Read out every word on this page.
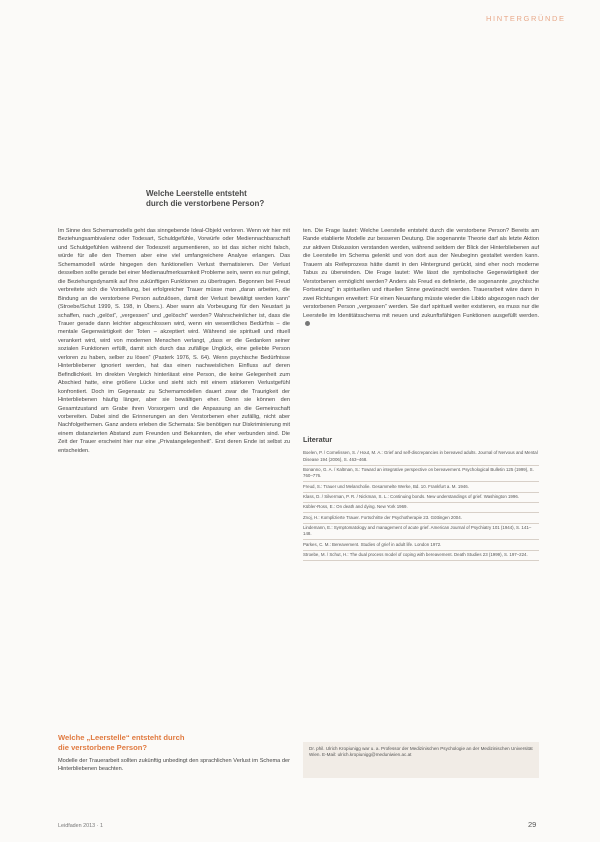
HINTERGRÜNDE
Welche Leerstelle entsteht
durch die verstorbene Person?

Im Sinne des Schemamodells geht das sinngebende Ideal-Objekt verloren. Wenn wir hier mit Beziehungsambivalenz oder Todesart, Schuldgefühle, Vorwürfe oder Mediennachbarschaft und Schuldgefühlen während der Todeszeit argumentieren, so ist das sicher nicht falsch, würde für alle den Themen aber eine viel umfangreichere Analyse erlangen. Das Schemamodell würde hingegen den funktionellen Verlust thematisieren. Der Verlust desselben sollte gerade bei einer Medienaufmerksamkeit Probleme sein, wenn es nur gelingt, die Beziehungsdynamik auf ihre zukünftigen Funktionen zu übertragen. Begonnen bei Freud verbreitete sich die Vorstellung, bei erfolgreicher Trauer müsse man „daran arbeiten, die Bindung an die verstorbene Person aufzulösen, damit der Verlust bewältigt werden kann“ (Stroebe/Schut 1999, S. 198, in Übers.). Aber wann als Vorbeugung für den Neustart ja schaffen, nach „gelöst“, „vergessen“ und „gelöscht“ werden? Wahrscheinlicher ist, dass die Trauer gerade dann leichter abgeschlossen wird, wenn ein wesentliches Bedürfnis – die mentale Gegenwärtigkeit der Toten – akzeptiert wird. Während sie spirituell und rituell verankert wird, wird von modernen Menschen verlangt, „dass er die Gedanken seiner sozialen Funktionen erfüllt, damit sich durch das zufällige Unglück, eine geliebte Person verloren zu haben, selber zu lösen“ (Pasterk 1976, S. 64). Wenn psychische Bedürfnisse Hinterbliebener ignoriert werden, hat das einen nachweislichen Einfluss auf deren Befindlichkeit. Im direkten Vergleich hinterlässt eine Person, die keine Gelegenheit zum Abschied hatte, eine größere Lücke und sieht sich mit einem stärkeren Verlustgefühl konfrontiert. Doch im Gegensatz zu Schemamodellen dauert zwar die Traurigkeit der Hinterbliebenen häufig länger, aber sie bewältigen eher. Denn sie können den Gesamtzustand am Grabe ihren Vorsorgern und die Anpassung an die Gemeinschaft vorbereiten. Dabei sind die Erinnerungen an den Verstorbenen eher zufällig, nicht aber Nachfolgethemen. Ganz anders erleben die Schemata: Sie benötigen nur Diskriminierung mit einem distanzierten Abstand zum Freunden und Bekannten, die eher verbunden sind. Die Zeit der Trauer erscheint hier nur eine „Privatangelegenheit“. Erst deren Ende ist selbst zu entscheiden.

ten. Die Frage lautet: Welche Leerstelle entsteht durch die verstorbene Person? Bereits am Rande etablierte Modelle zur besseren Deutung. Die sogenannte Theorie darf als letzte Aktion zur aktiven Diskussion verstanden werden, während seitdem der Blick der Hinterbliebenen auf die Leerstelle im Schema gelenkt und von dort aus der Neubeginn gestaltet werden kann. Trauern als Reifeprozess hätte damit in den Hintergrund gerückt, sind eher noch moderne Tabus zu überwinden. Die Frage lautet: Wie lässt die symbolische Gegenwärtigkeit der Verstorbenen ermöglicht werden? Anders als Freud es definierte, die sogenannte „psychische Fortsetzung“ in spirituellen und rituellen Sinne gewünscht werden. Trauerarbeit wäre dann in zwei Richtungen erweitert: Für einen Neuanfang müsste wieder die Libido abgezogen nach der verstorbenen Person „vergessen“ werden. Sie darf spirituell weiter existieren, es muss nur die Leerstelle im Identitätsschema mit neuen und zukunftsfähigen Funktionen ausgefüllt werden.

Literatur
Boelen, P. / Cornelissen, S. / Hout, M. A.: Grief and self-discrepancies in bereaved adults. Journal of Nervous and Mental Disease 194 (2006), S. 463–468.
Bonanno, G. A. / Kaltman, S.: Toward an integrative perspective on bereavement. Psychological Bulletin 125 (1999), S. 760–776.
Freud, S.: Trauer und Melancholie. Gesammelte Werke, Bd. 10. Frankfurt a. M. 1946.
Klass, D. / Silverman, P. R. / Nickman, S. L.: Continuing bonds. New understandings of grief. Washington 1996.
Kübler-Ross, E.: On death and dying. New York 1969.
Znoj, H.: Komplizierte Trauer. Fortschritte der Psychotherapie 23. Göttingen 2004.
Lindemann, E.: Symptomatology and management of acute grief. American Journal of Psychiatry 101 (1944), S. 141–148.
Parkes, C. M.: Bereavement. Studies of grief in adult life. London 1972.
Stroebe, M. / Schut, H.: The dual process model of coping with bereavement. Death Studies 23 (1999), S. 197–224.
Welche „Leerstelle“ entsteht durch
die verstorbene Person?

Modelle der Trauerarbeit sollten zukünftig unbedingt den sprachlichen Verlust im Schema der Hinterbliebenen beachten.

Dr. phil. Ulrich Kropiunigg war u. a. Professor der Medizinischen Psychologie an der Medizinischen Universität Wien. E-Mail: ulrich.kropiunigg@meduniwien.ac.at
Leidfaden 2013 · 1	29
